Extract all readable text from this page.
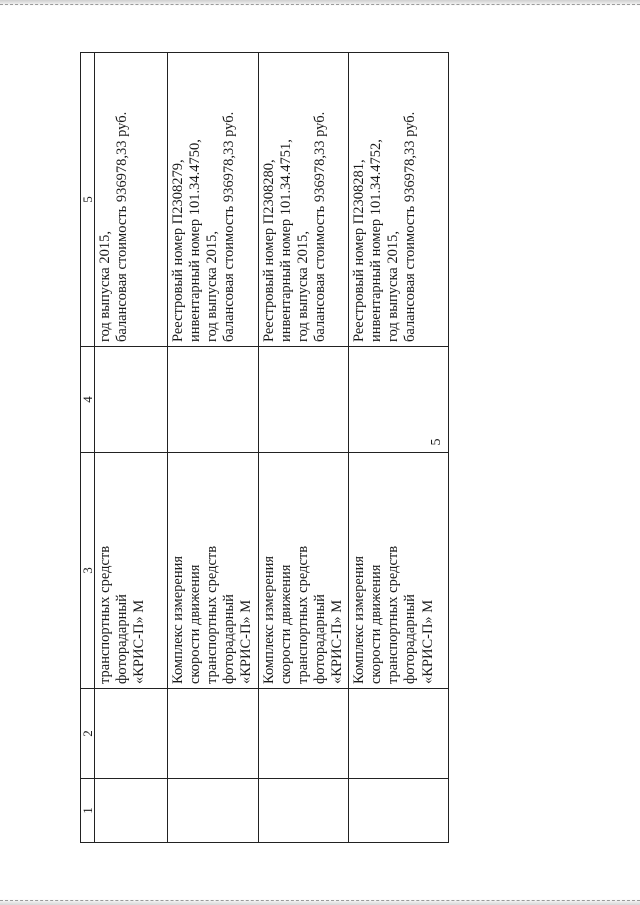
5
1	2	3	4	5

		транспортных средств фоторадарный «КРИС-П» М		год выпуска 2015, балансовая стоимость 936978,33 руб.

		Комплекс измерения скорости движения транспортных средств фоторадарный «КРИС-П» М		Реестровый номер П2308279, инвентарный номер 101.34.4750, год выпуска 2015, балансовая стоимость 936978,33 руб.

		Комплекс измерения скорости движения транспортных средств фоторадарный «КРИС-П» М		Реестровый номер П2308280, инвентарный номер 101.34.4751, год выпуска 2015, балансовая стоимость 936978,33 руб.

		Комплекс измерения скорости движения транспортных средств фоторадарный «КРИС-П» М		Реестровый номер П2308281, инвентарный номер 101.34.4752, год выпуска 2015, балансовая стоимость 936978,33 руб.
